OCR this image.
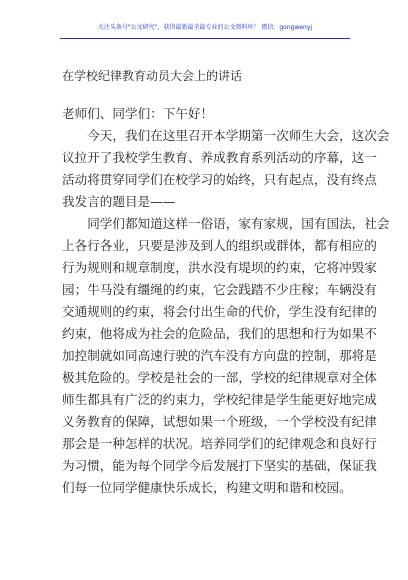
关注头条号"公文研究"，获得最新最全最专业的公文资料库！ 微信：gongwenyj
在学校纪律教育动员大会上的讲话

老师们、同学们：下午好！

　　今天，我们在这里召开本学期第一次师生大会，这次会
议拉开了我校学生教育、养成教育系列活动的序幕，这一
活动将贯穿同学们在校学习的始终，只有起点，没有终点
我发言的题目是——

　　同学们都知道这样一俗语，家有家规，国有国法，社会
上各行各业，只要是涉及到人的组织或群体，都有相应的
行为规则和规章制度，洪水没有堤坝的约束，它将冲毁家
园；牛马没有缰绳的约束，它会践踏不少庄稼；车辆没有
交通规则的约束，将会付出生命的代价，学生没有纪律的
约束，他将成为社会的危险品，我们的思想和行为如果不
加控制就如同高速行驶的汽车没有方向盘的控制，那将是
极其危险的。学校是社会的一部，学校的纪律规章对全体
师生都具有广泛的约束力，学校纪律是学生能更好地完成
义务教育的保障，试想如果一个班级，一个学校没有纪律
那会是一种怎样的状况。培养同学们的纪律观念和良好行
为习惯，能为每个同学今后发展打下坚实的基础，保证我
们每一位同学健康快乐成长，构建文明和谐和校园。
